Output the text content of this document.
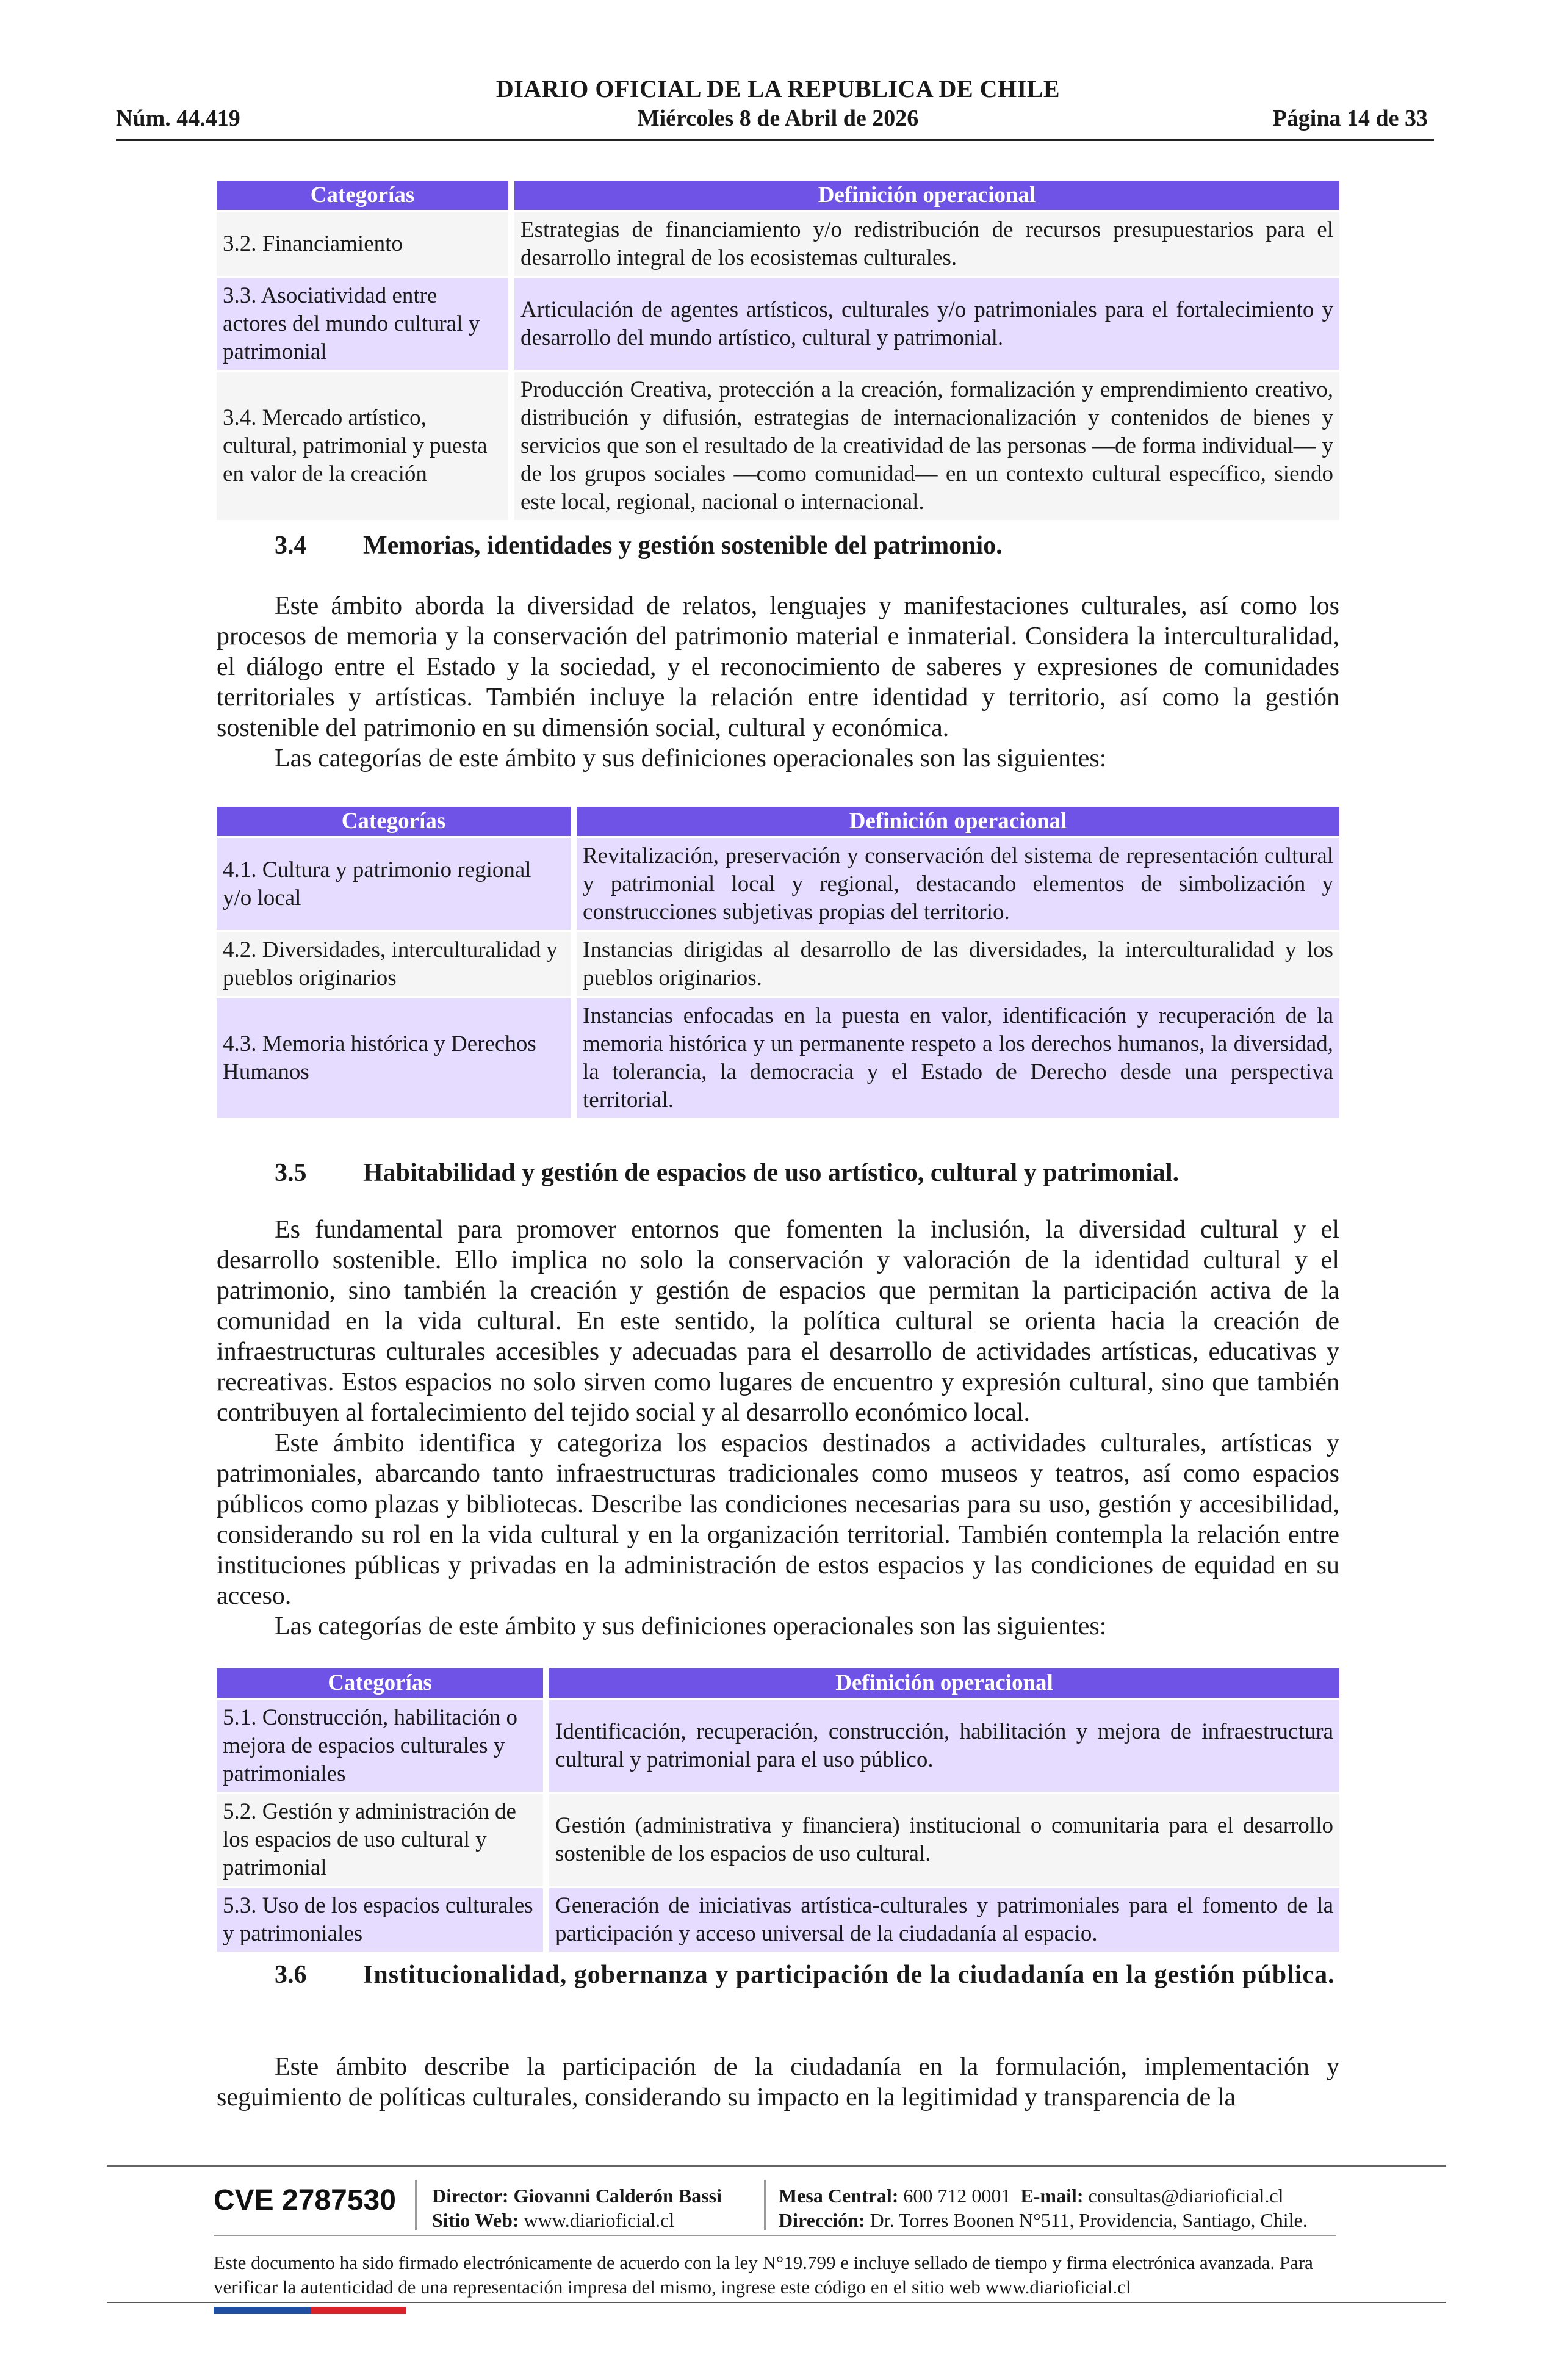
DIARIO OFICIAL DE LA REPUBLICA DE CHILE
Núm. 44.419	Miércoles 8 de Abril de 2026	Página 14 de 33
Categorías	Definición operacional
3.2. Financiamiento	Estrategias de financiamiento y/o redistribución de recursos presupuestarios para el desarrollo integral de los ecosistemas culturales.
3.3. Asociatividad entre actores del mundo cultural y patrimonial	Articulación de agentes artísticos, culturales y/o patrimoniales para el fortalecimiento y desarrollo del mundo artístico, cultural y patrimonial.
3.4. Mercado artístico, cultural, patrimonial y puesta en valor de la creación	Producción Creativa, protección a la creación, formalización y emprendimiento creativo, distribución y difusión, estrategias de internacionalización y contenidos de bienes y servicios que son el resultado de la creatividad de las personas —de forma individual— y de los grupos sociales —como comunidad— en un contexto cultural específico, siendo este local, regional, nacional o internacional.
3.4 Memorias, identidades y gestión sostenible del patrimonio.

Este ámbito aborda la diversidad de relatos, lenguajes y manifestaciones culturales, así como los procesos de memoria y la conservación del patrimonio material e inmaterial. Considera la interculturalidad, el diálogo entre el Estado y la sociedad, y el reconocimiento de saberes y expresiones de comunidades territoriales y artísticas. También incluye la relación entre identidad y territorio, así como la gestión sostenible del patrimonio en su dimensión social, cultural y económica.

Las categorías de este ámbito y sus definiciones operacionales son las siguientes:

Categorías	Definición operacional
4.1. Cultura y patrimonio regional y/o local	Revitalización, preservación y conservación del sistema de representación cultural y patrimonial local y regional, destacando elementos de simbolización y construcciones subjetivas propias del territorio.
4.2. Diversidades, interculturalidad y pueblos originarios	Instancias dirigidas al desarrollo de las diversidades, la interculturalidad y los pueblos originarios.
4.3. Memoria histórica y Derechos Humanos	Instancias enfocadas en la puesta en valor, identificación y recuperación de la memoria histórica y un permanente respeto a los derechos humanos, la diversidad, la tolerancia, la democracia y el Estado de Derecho desde una perspectiva territorial.
3.5 Habitabilidad y gestión de espacios de uso artístico, cultural y patrimonial.

Es fundamental para promover entornos que fomenten la inclusión, la diversidad cultural y el desarrollo sostenible. Ello implica no solo la conservación y valoración de la identidad cultural y el patrimonio, sino también la creación y gestión de espacios que permitan la participación activa de la comunidad en la vida cultural. En este sentido, la política cultural se orienta hacia la creación de infraestructuras culturales accesibles y adecuadas para el desarrollo de actividades artísticas, educativas y recreativas. Estos espacios no solo sirven como lugares de encuentro y expresión cultural, sino que también contribuyen al fortalecimiento del tejido social y al desarrollo económico local.

Este ámbito identifica y categoriza los espacios destinados a actividades culturales, artísticas y patrimoniales, abarcando tanto infraestructuras tradicionales como museos y teatros, así como espacios públicos como plazas y bibliotecas. Describe las condiciones necesarias para su uso, gestión y accesibilidad, considerando su rol en la vida cultural y en la organización territorial. También contempla la relación entre instituciones públicas y privadas en la administración de estos espacios y las condiciones de equidad en su acceso.

Las categorías de este ámbito y sus definiciones operacionales son las siguientes:

Categorías	Definición operacional
5.1. Construcción, habilitación o mejora de espacios culturales y patrimoniales	Identificación, recuperación, construcción, habilitación y mejora de infraestructura cultural y patrimonial para el uso público.
5.2. Gestión y administración de los espacios de uso cultural y patrimonial	Gestión (administrativa y financiera) institucional o comunitaria para el desarrollo sostenible de los espacios de uso cultural.
5.3. Uso de los espacios culturales y patrimoniales	Generación de iniciativas artística-culturales y patrimoniales para el fomento de la participación y acceso universal de la ciudadanía al espacio.
3.6 Institucionalidad, gobernanza y participación de la ciudadanía en la gestión pública.

Este ámbito describe la participación de la ciudadanía en la formulación, implementación y seguimiento de políticas culturales, considerando su impacto en la legitimidad y transparencia de la

CVE 2787530 Director: Giovanni Calderón Bassi
Sitio Web: www.diarioficial.cl
Mesa Central: 600 712 0001 E-mail: consultas@diarioficial.cl
Dirección: Dr. Torres Boonen N°511, Providencia, Santiago, Chile.
Este documento ha sido firmado electrónicamente de acuerdo con la ley N°19.799 e incluye sellado de tiempo y firma electrónica avanzada. Para verificar la autenticidad de una representación impresa del mismo, ingrese este código en el sitio web www.diarioficial.cl
